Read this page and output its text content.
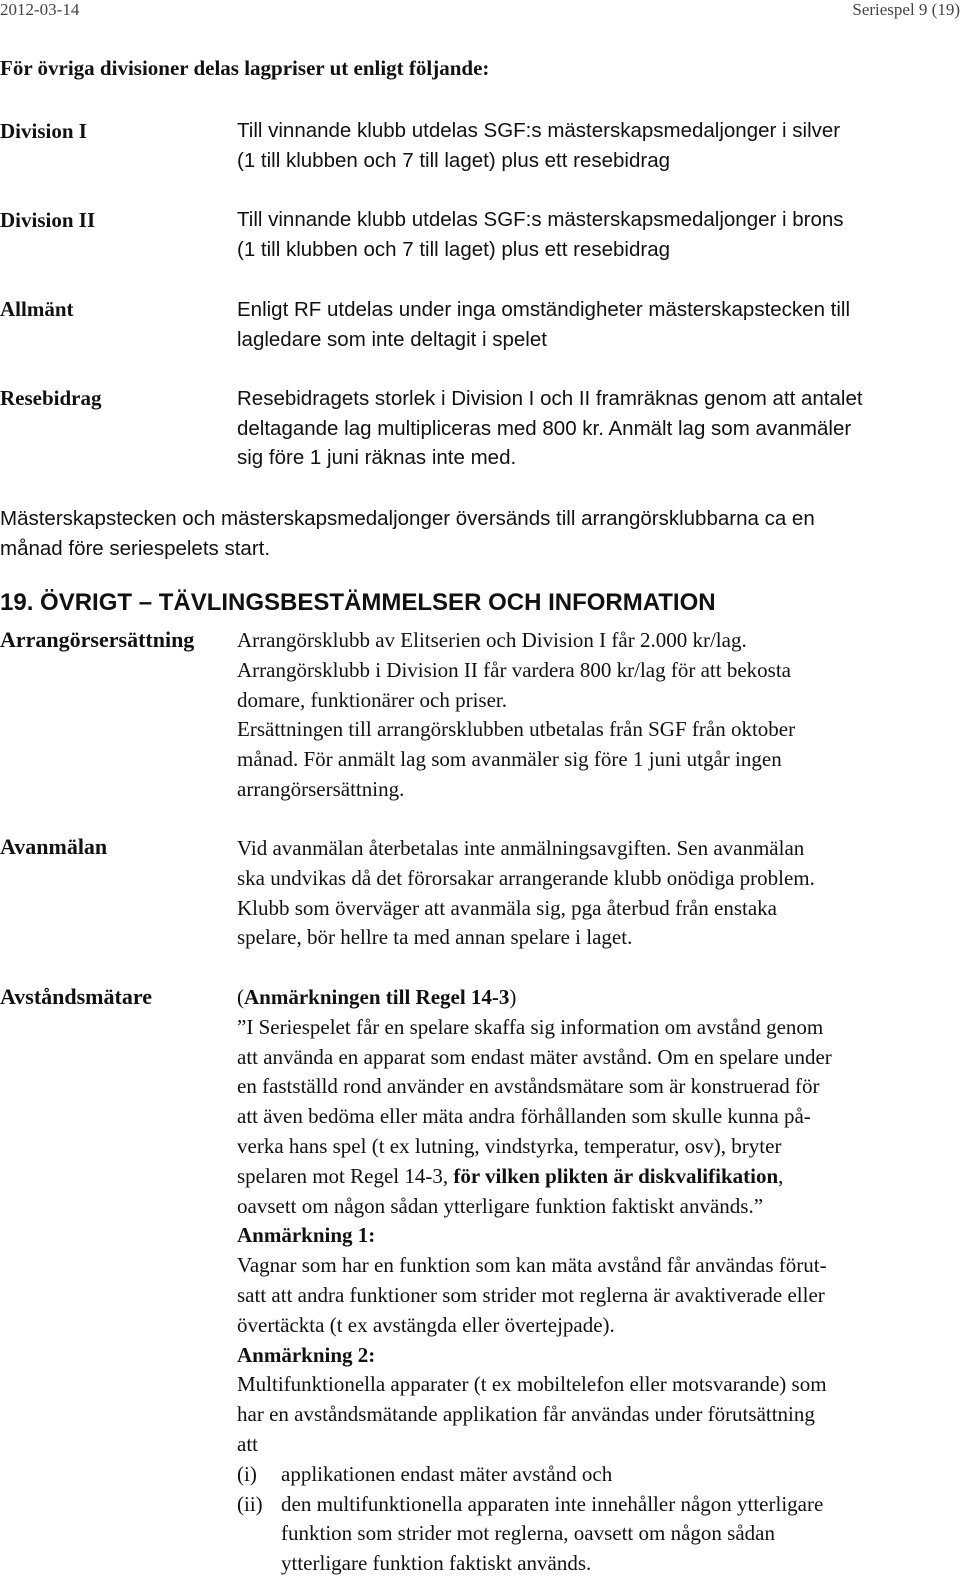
2012-03-14	Seriespel 9 (19)
För övriga divisioner delas lagpriser ut enligt följande:
Division I	Till vinnande klubb utdelas SGF:s mästerskapsmedaljonger i silver
(1 till klubben och 7 till laget) plus ett resebidrag
Division II	Till vinnande klubb utdelas SGF:s mästerskapsmedaljonger i brons
(1 till klubben och 7 till laget) plus ett resebidrag
Allmänt	Enligt RF utdelas under inga omständigheter mästerskapstecken till
lagledare som inte deltagit i spelet
Resebidrag	Resebidragets storlek i Division I och II framräknas genom att antalet
deltagande lag multipliceras med 800 kr. Anmält lag som avanmäler
sig före 1 juni räknas inte med.
Mästerskapstecken och mästerskapsmedaljonger översänds till arrangörsklubbarna ca en
månad före seriespelets start.
19. ÖVRIGT – TÄVLINGSBESTÄMMELSER OCH INFORMATION
Arrangörsersättning Arrangörsklubb av Elitserien och Division I får 2.000 kr/lag.
Arrangörsklubb i Division II får vardera 800 kr/lag för att bekosta
domare, funktionärer och priser.
Ersättningen till arrangörsklubben utbetalas från SGF från oktober
månad. För anmält lag som avanmäler sig före 1 juni utgår ingen
arrangörsersättning.
Avanmälan	Vid avanmälan återbetalas inte anmälningsavgiften. Sen avanmälan
ska undvikas då det förorsakar arrangerande klubb onödiga problem.
Klubb som överväger att avanmäla sig, pga återbud från enstaka
spelare, bör hellre ta med annan spelare i laget.
Avståndsmätare	(Anmärkningen till Regel 14-3)
”I Seriespelet får en spelare skaffa sig information om avstånd genom
att använda en apparat som endast mäter avstånd. Om en spelare under
en fastställd rond använder en avståndsmätare som är konstruerad för
att även bedöma eller mäta andra förhållanden som skulle kunna på-
verka hans spel (t ex lutning, vindstyrka, temperatur, osv), bryter
spelaren mot Regel 14-3, för vilken plikten är diskvalifikation,
oavsett om någon sådan ytterligare funktion faktiskt används.”
Anmärkning 1:
Vagnar som har en funktion som kan mäta avstånd får användas förut-
satt att andra funktioner som strider mot reglerna är avaktiverade eller
övertäckta (t ex avstängda eller övertejpade).
Anmärkning 2:
Multifunktionella apparater (t ex mobiltelefon eller motsvarande) som
har en avståndsmätande applikation får användas under förutsättning
att
(i)	applikationen endast mäter avstånd och
(ii) den multifunktionella apparaten inte innehåller någon ytterligare
funktion som strider mot reglerna, oavsett om någon sådan
ytterligare funktion faktiskt används.
